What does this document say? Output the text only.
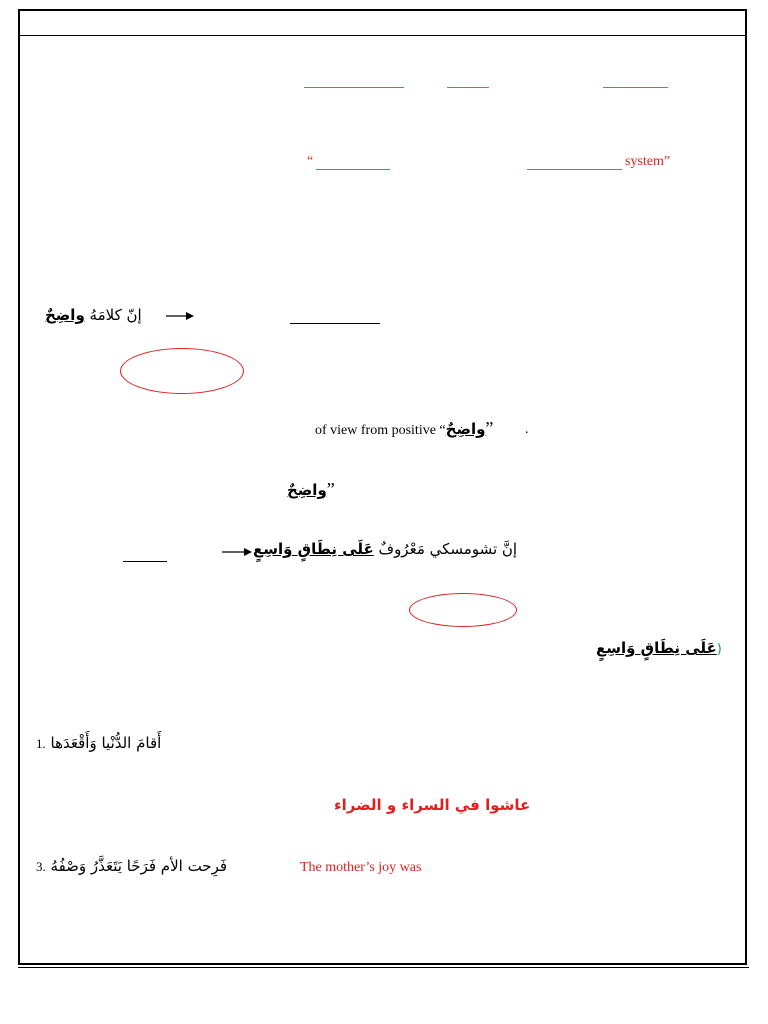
“	system”
إنّ كلامَهُ واضِحٌ
of view from positive “واضِحٌ” .
واضِحٌ”
إنَّ تشومسكي مَعْرُوفٌ عَلَى نِطَاقٍ وَاسِعٍ
(عَلَى نِطَاقٍ وَاسِعٍ
أَقامَ الدُّنْيا وَأَقْعَدَها .1
عاشوا في السراء و الضراء
فَرِحت الأم فَرَحًا يَتَعَذَّرُ وَصْفُهُ .3	The mother’s joy was
